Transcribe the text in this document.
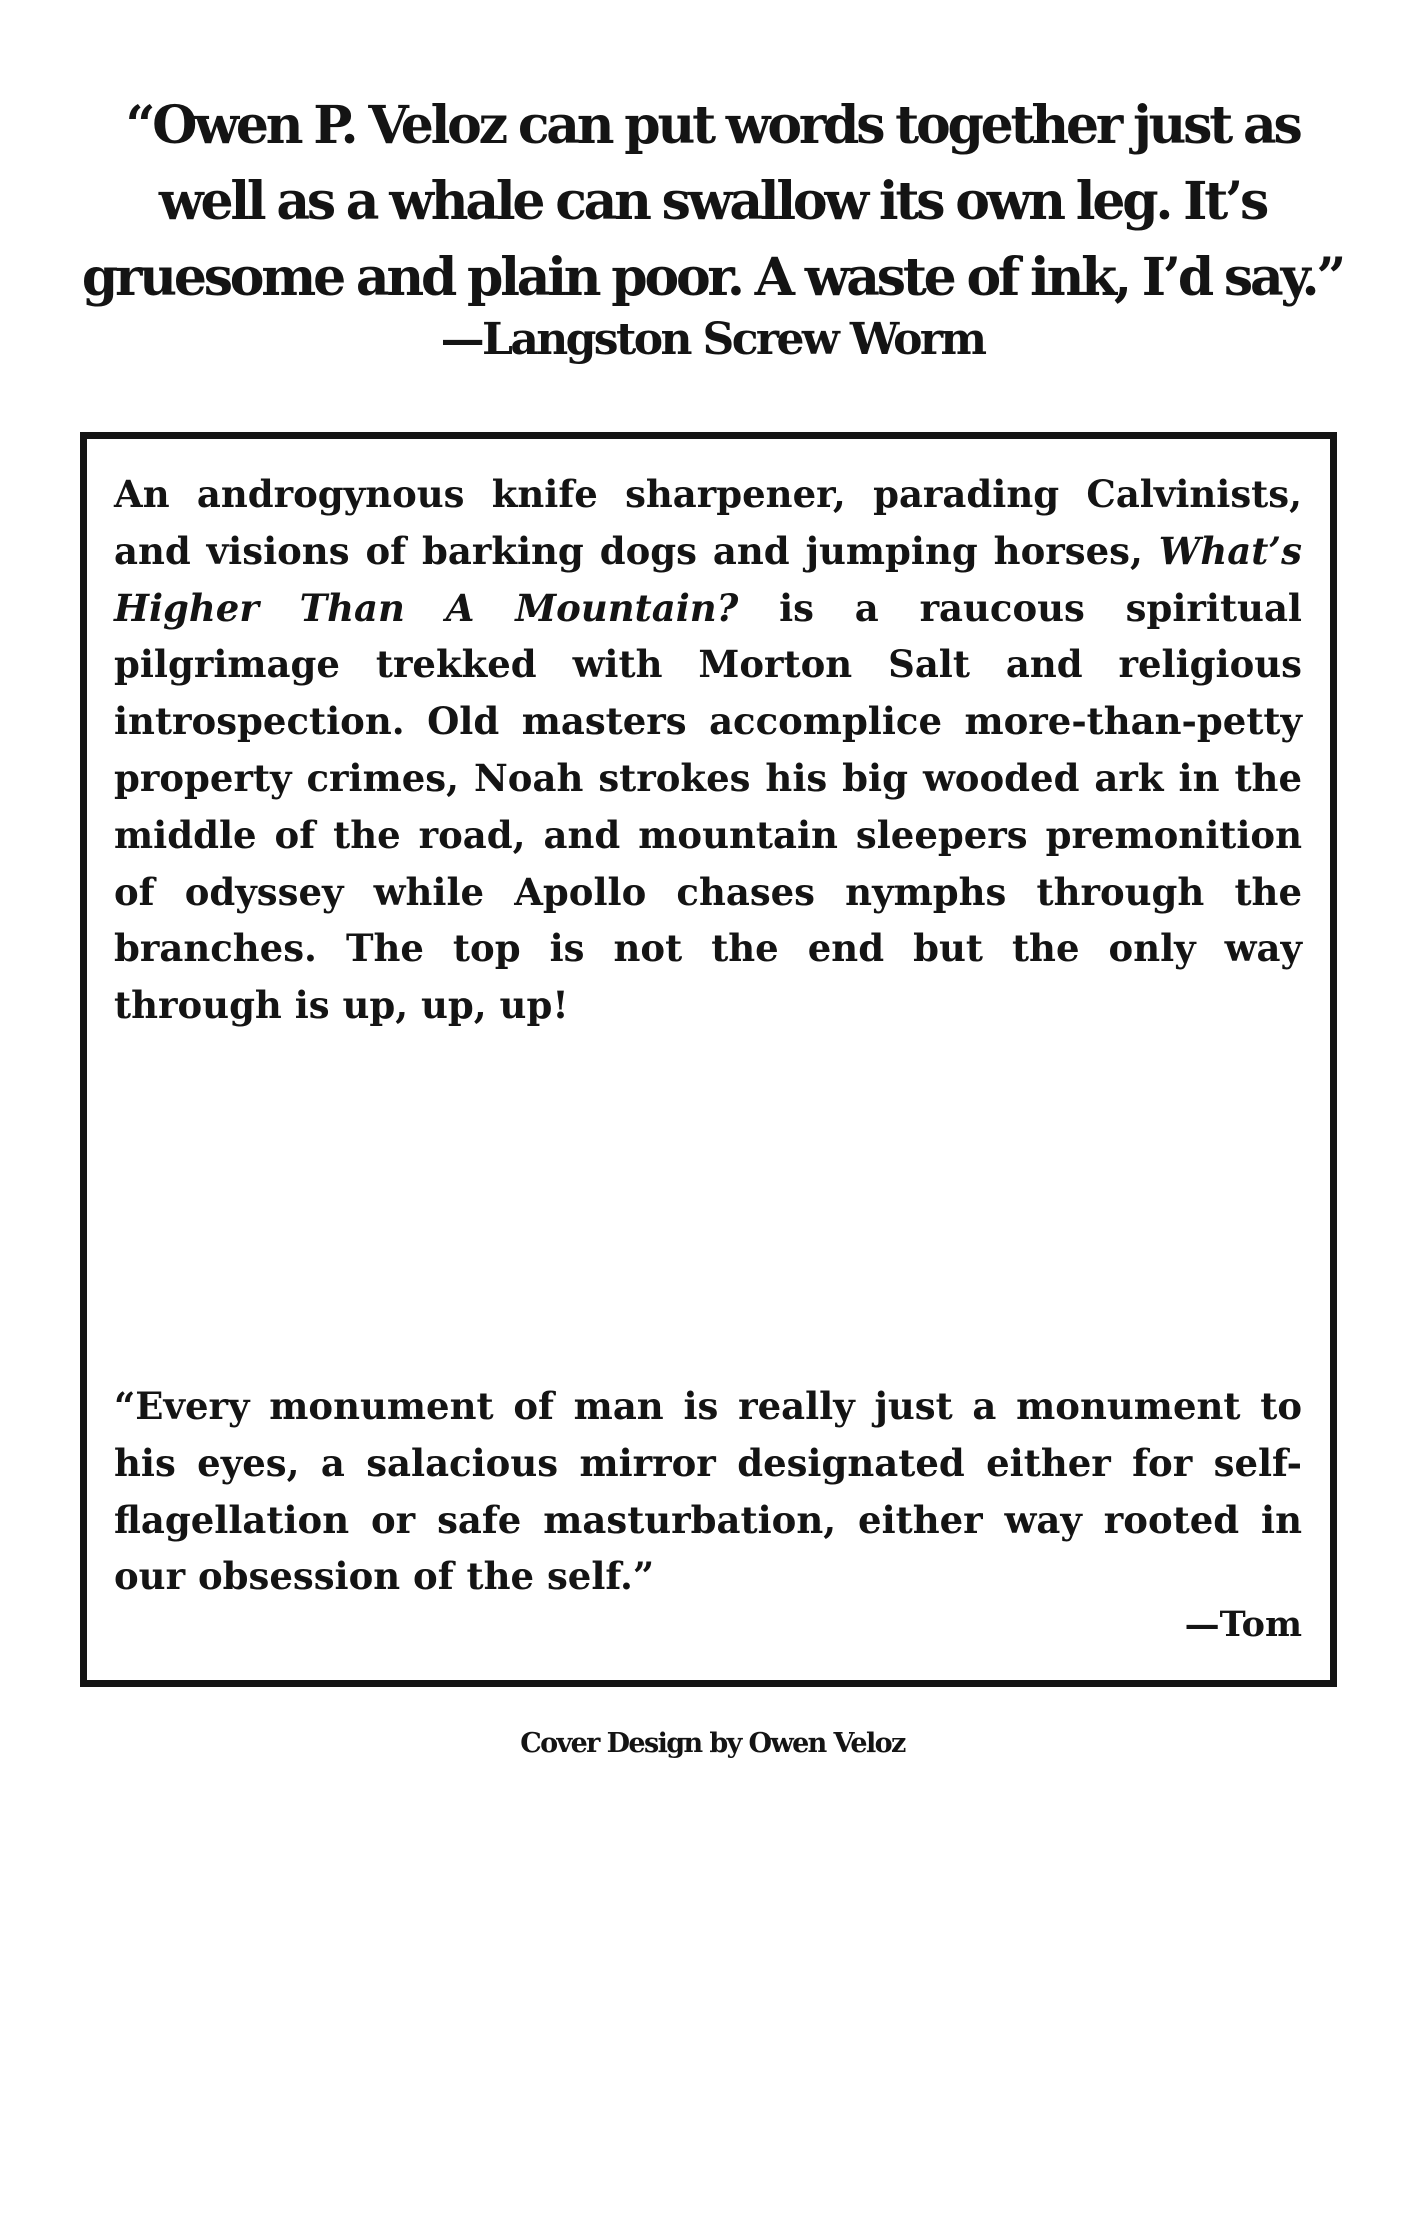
“Owen P. Veloz can put words together just as well as a whale can swallow its own leg. It’s gruesome and plain poor. A waste of ink, I’d say.”
—Langston Screw Worm

An androgynous knife sharpener, parading Calvinists, and visions of barking dogs and jumping horses, What’s Higher Than A Mountain? is a raucous spiritual pilgrimage trekked with Morton Salt and religious introspection. Old masters accomplice more-than-petty property crimes, Noah strokes his big wooded ark in the middle of the road, and mountain sleepers premonition of odyssey while Apollo chases nymphs through the branches. The top is not the end but the only way through is up, up, up!

“Every monument of man is really just a monument to his eyes, a salacious mirror designated either for self-flagellation or safe masturbation, either way rooted in our obsession of the self.”

—Tom
Cover Design by Owen Veloz
